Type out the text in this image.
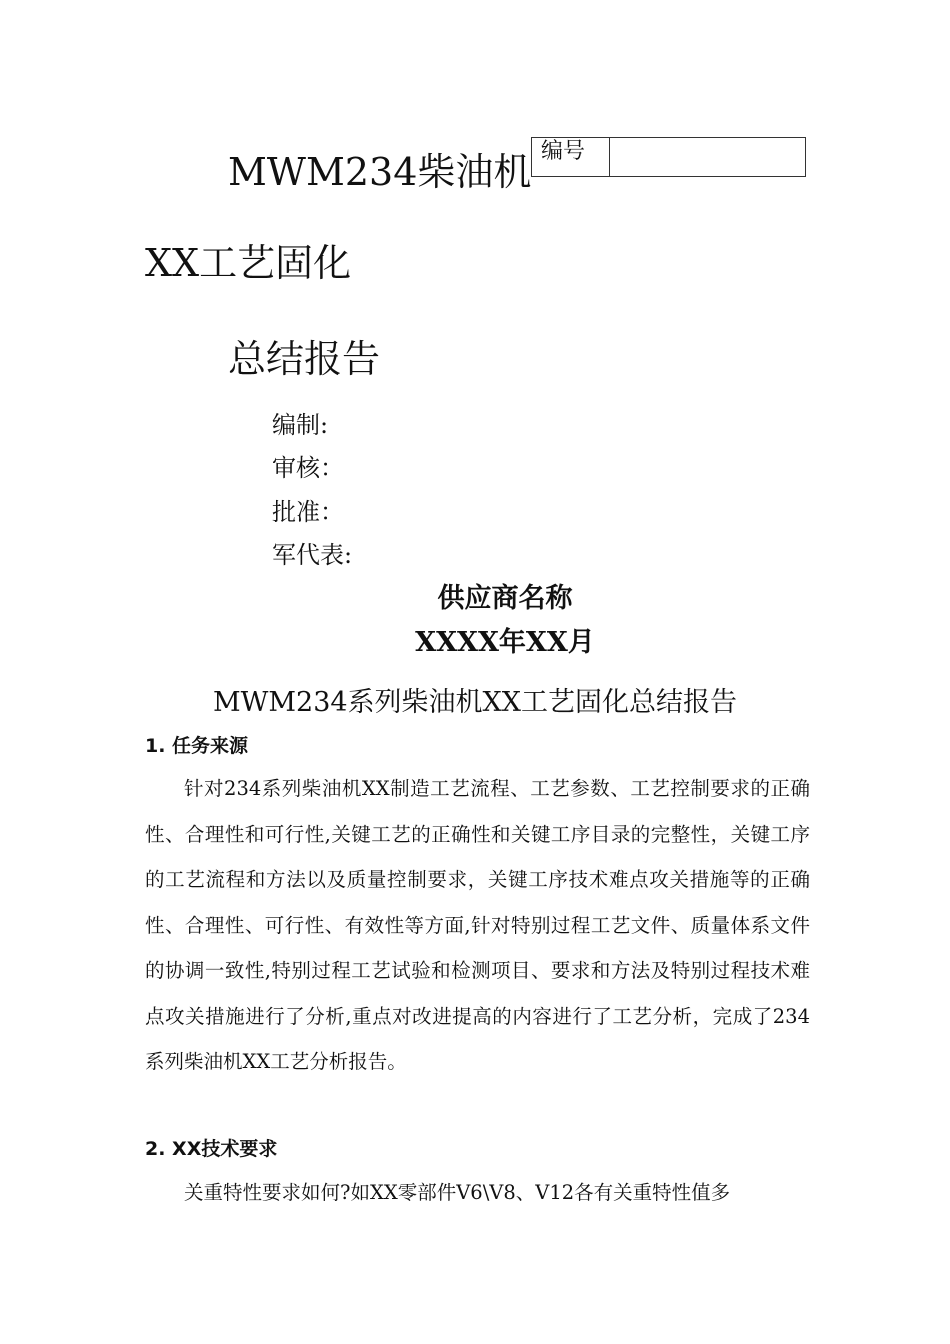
编号
MWM234柴油机
XX工艺固化
总结报告
编制:
审核：
批准：
军代表:
供应商名称
XXXX年XX月
MWM234系列柴油机XX工艺固化总结报告
1. 任务来源
针对234系列柴油机XX制造工艺流程、工艺参数、工艺控制要求的正确性、合理性和可行性,关键工艺的正确性和关键工序目录的完整性，关键工序的工艺流程和方法以及质量控制要求，关键工序技术难点攻关措施等的正确性、合理性、可行性、有效性等方面,针对特别过程工艺文件、质量体系文件的协调一致性,特别过程工艺试验和检测项目、要求和方法及特别过程技术难点攻关措施进行了分析,重点对改进提高的内容进行了工艺分析，完成了234系列柴油机XX工艺分析报告。
2. XX技术要求
关重特性要求如何?如XX零部件V6\V8、V12各有关重特性值多
